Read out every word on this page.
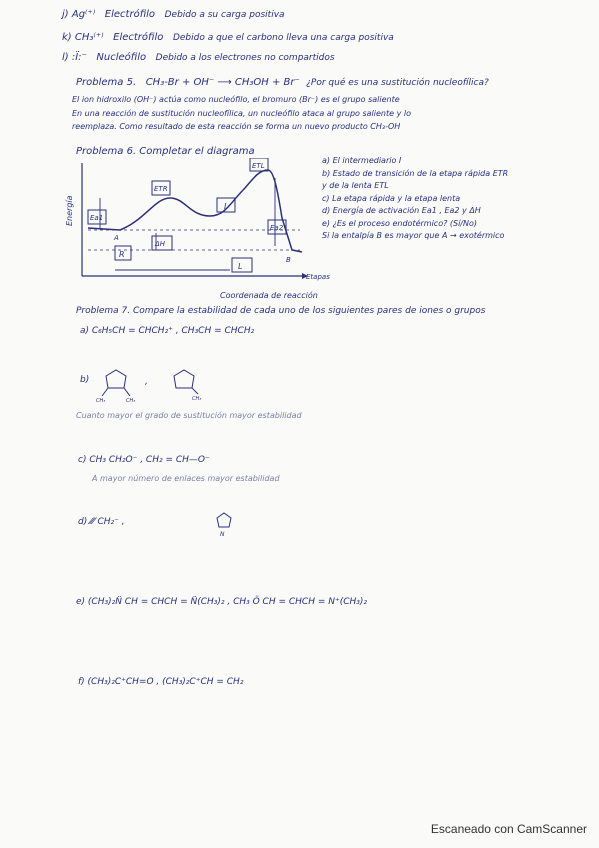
j) Ag⁽⁺⁾ Electrófilo Debido a su carga positiva
k) CH₃⁽⁺⁾ Electrófilo Debido a que el carbono lleva una carga positiva
l) :Ï:⁻ Nucleófilo Debido a los electrones no compartidos
Problema 5. CH₃-Br + OH⁻ ⟶ CH₃OH + Br⁻ ¿Por qué es una sustitución nucleofílica?
El ion hidroxilo (OH⁻) actúa como nucleófilo, el bromuro (Br⁻) es el grupo saliente
En una reacción de sustitución nucleofílica, un nucleófilo ataca al grupo saliente y lo
reemplaza. Como resultado de esta reacción se forma un nuevo producto CH₃-OH
Problema 6. Completar el diagrama
Ea1
ETR
ETL
I
Ea2
ΔH
R
L
A
B
Energía
Etapas
Coordenada de reacción
a) El intermediario I
b) Estado de transición de la etapa rápida ETR
y de la lenta ETL
c) La etapa rápida y la etapa lenta
d) Energía de activación Ea1 , Ea2 y ΔH
e) ¿Es el proceso endotérmico? (Sí/No)
Si la entalpía B es mayor que A → exotérmico
Problema 7. Compare la estabilidad de cada uno de los siguientes pares de iones o grupos
a) C₆H₅CH = CHCH₂⁺ , CH₃CH = CHCH₂
b)
CH₃	CH₃
,
CH₃
Cuanto mayor el grado de sustitución mayor estabilidad
c) CH₃ CH₂O⁻ , CH₂ = CH—O⁻
A mayor número de enlaces mayor estabilidad
d) ⁄⁄⁄ CH₂⁻ ,
N
e) (CH₃)₂N̈ CH = CHCH = N̈(CH₃)₂ , CH₃ Ö CH = CHCH = N⁺(CH₃)₂
f) (CH₃)₂C⁺CH=O , (CH₃)₂C⁺CH = CH₂
Escaneado con CamScanner
